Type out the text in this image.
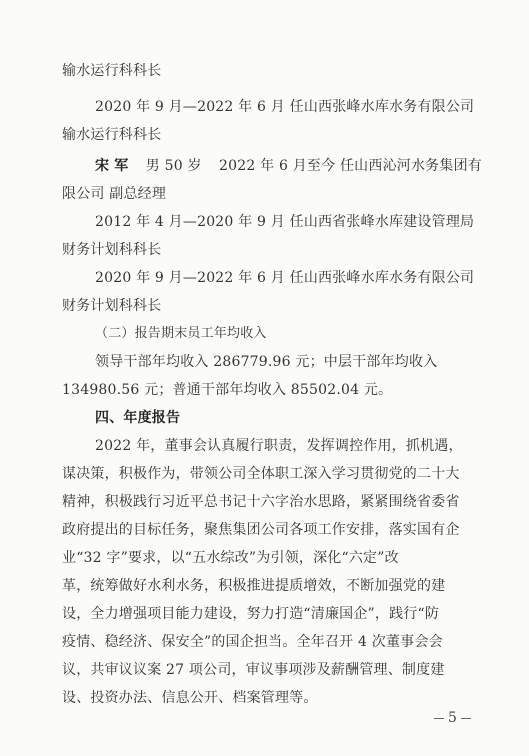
输水运行科科长
2020 年 9 月—2022 年 6 月 任山西张峰水库水务有限公司
输水运行科科长
宋 军 男 50 岁 2022 年 6 月至今 任山西沁河水务集团有
限公司 副总经理
2012 年 4 月—2020 年 9 月 任山西省张峰水库建设管理局
财务计划科科长
2020 年 9 月—2022 年 6 月 任山西张峰水库水务有限公司
财务计划科科长
（二）报告期末员工年均收入
领导干部年均收入 286779.96 元；中层干部年均收入
134980.56 元；普通干部年均收入 85502.04 元。
四、年度报告
2022 年，董事会认真履行职责，发挥调控作用，抓机遇，
谋决策，积极作为，带领公司全体职工深入学习贯彻党的二十大
精神，积极践行习近平总书记十六字治水思路，紧紧围绕省委省
政府提出的目标任务，聚焦集团公司各项工作安排，落实国有企
业“32 字”要求，以“五水综改”为引领，深化“六定”改
革，统筹做好水利水务，积极推进提质增效，不断加强党的建
设，全力增强项目能力建设，努力打造“清廉国企”，践行“防
疫情、稳经济、保安全”的国企担当。全年召开 4 次董事会会
议，共审议议案 27 项公司，审议事项涉及薪酬管理、制度建
设、投资办法、信息公开、档案管理等。
5
